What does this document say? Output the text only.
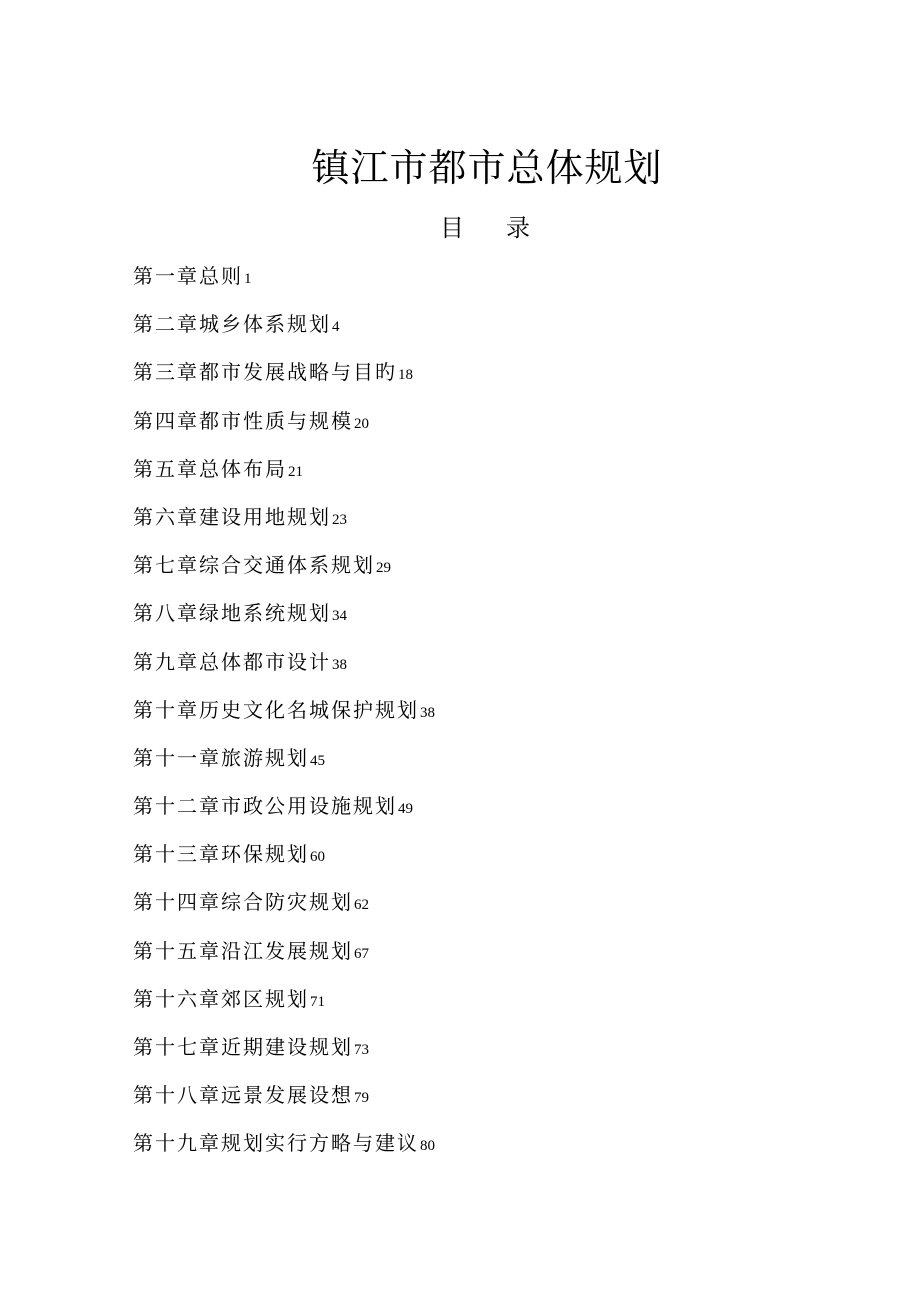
镇江市都市总体规划
目 录
第一章总则1
第二章城乡体系规划4
第三章都市发展战略与目旳18
第四章都市性质与规模20
第五章总体布局21
第六章建设用地规划23
第七章综合交通体系规划29
第八章绿地系统规划34
第九章总体都市设计38
第十章历史文化名城保护规划38
第十一章旅游规划45
第十二章市政公用设施规划49
第十三章环保规划60
第十四章综合防灾规划62
第十五章沿江发展规划67
第十六章郊区规划71
第十七章近期建设规划73
第十八章远景发展设想79
第十九章规划实行方略与建议80
